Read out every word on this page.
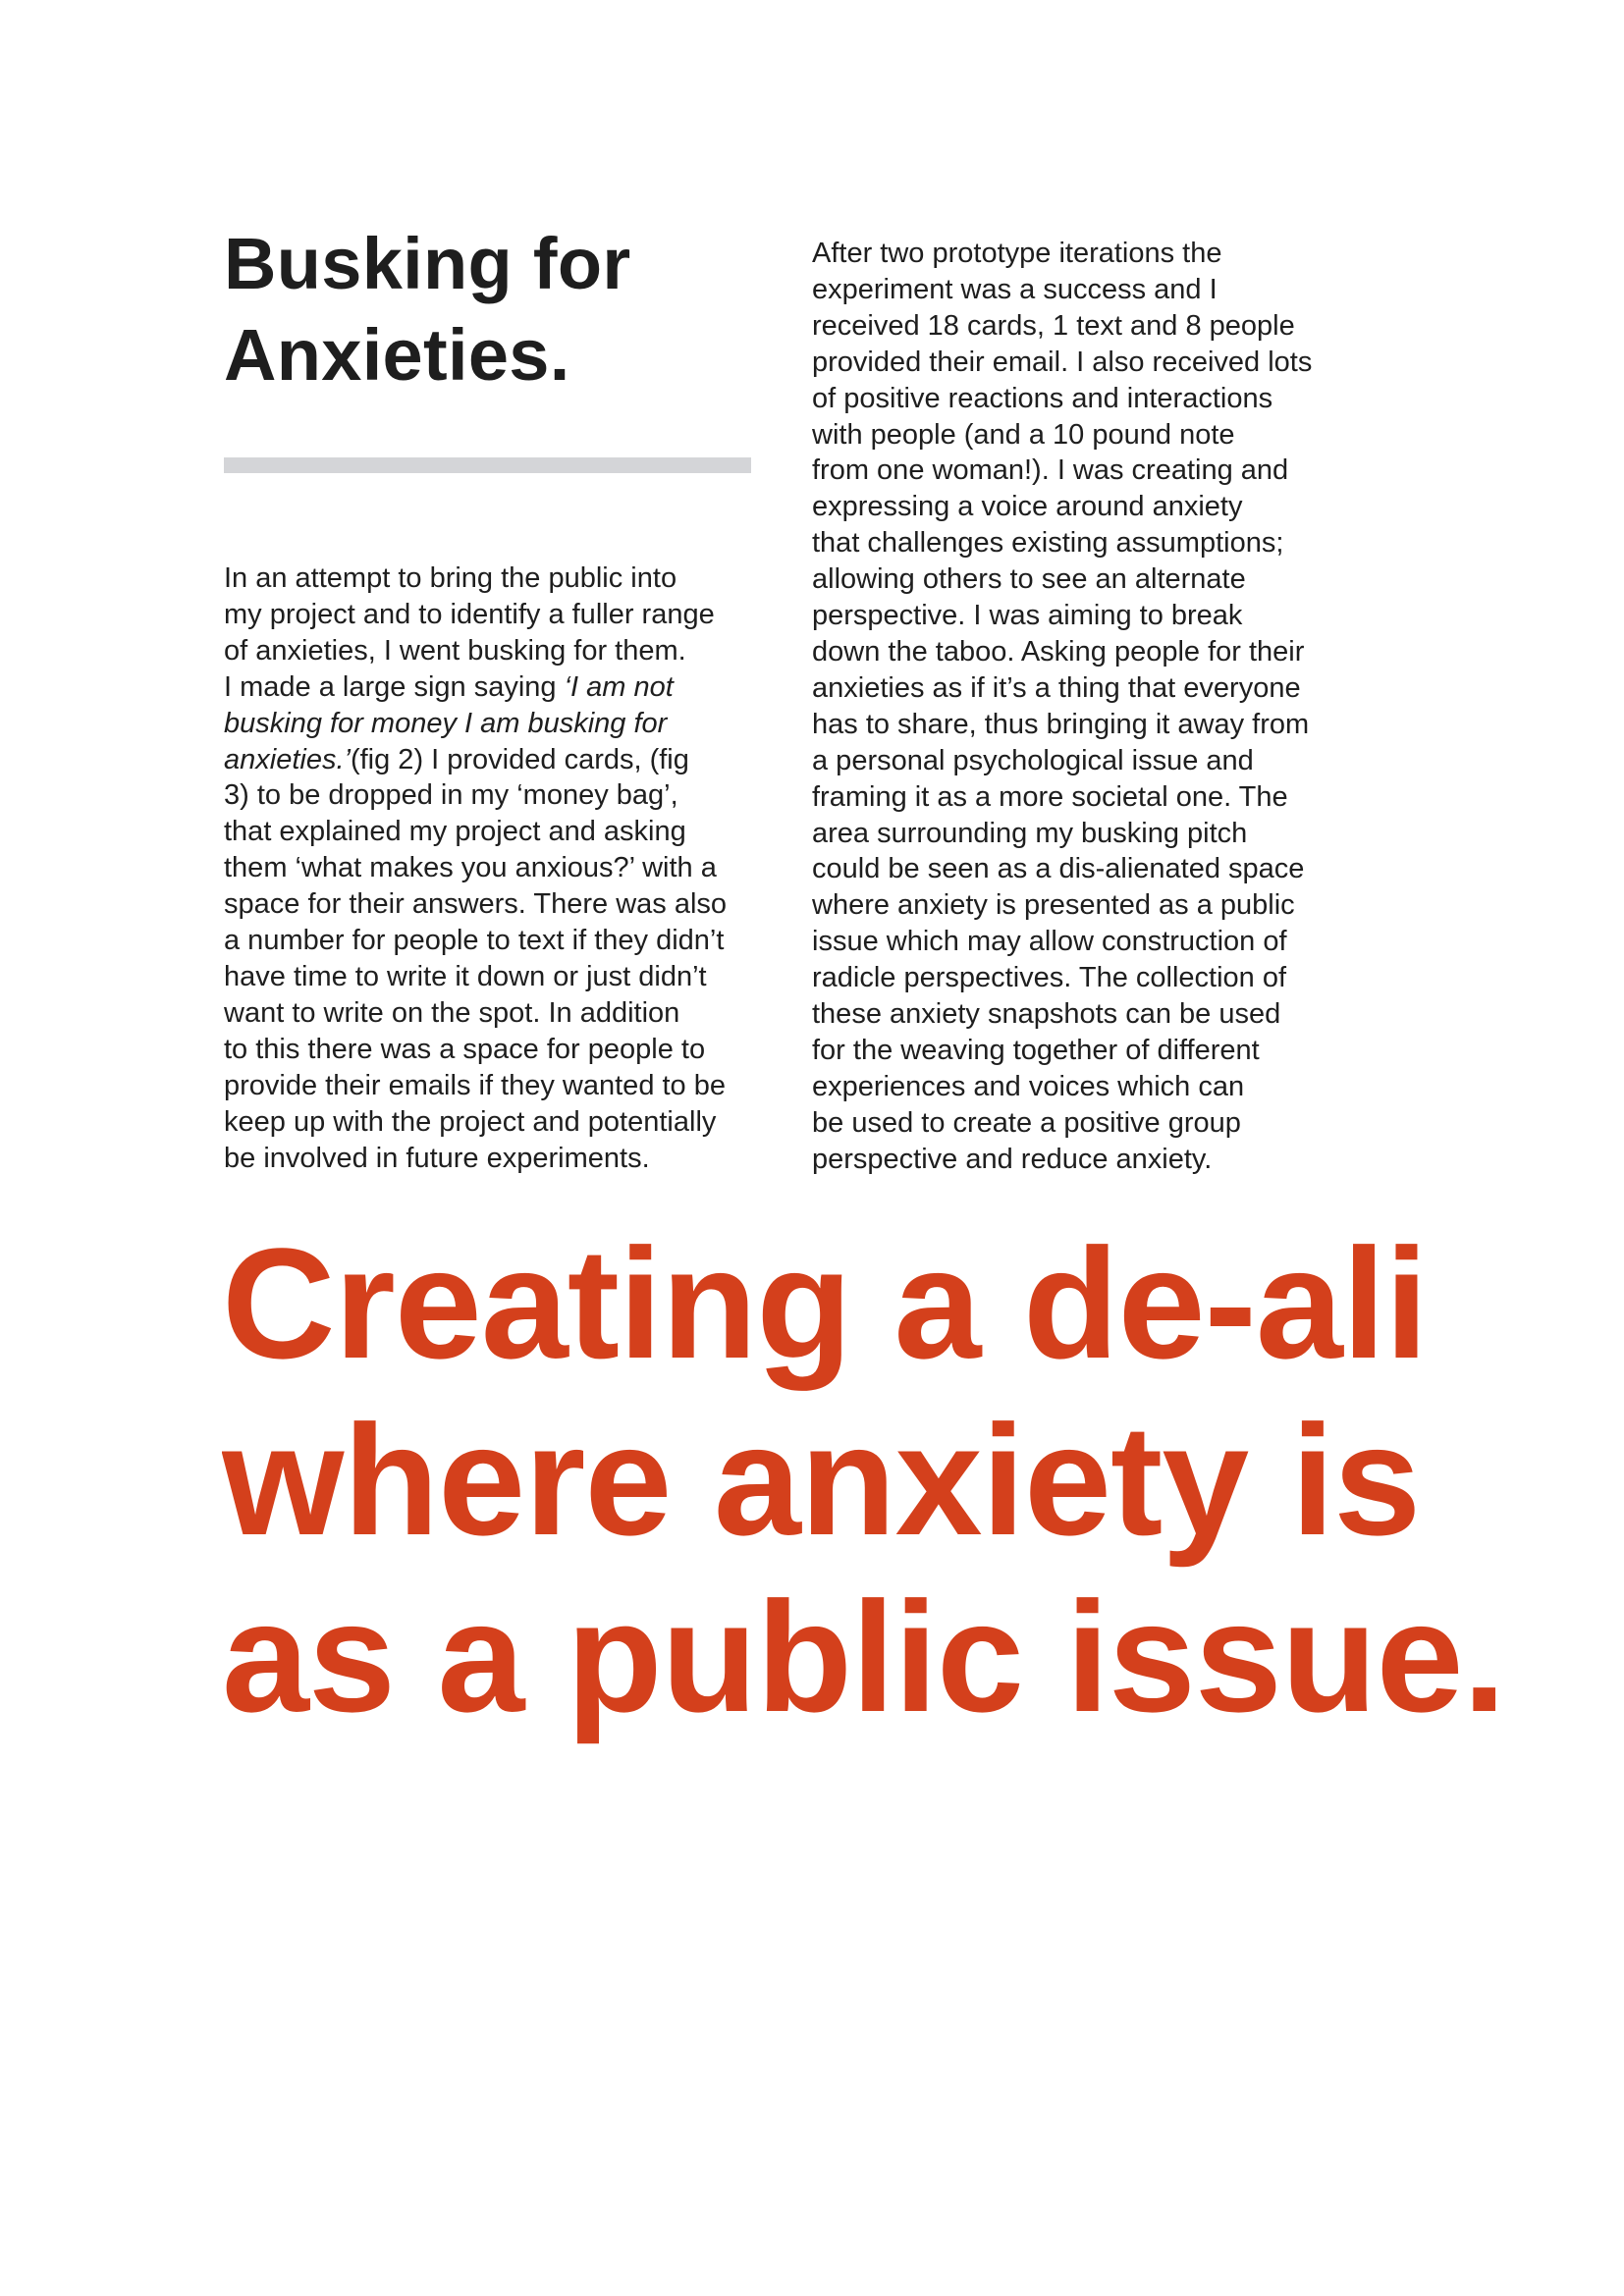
Busking for
Anxieties.

In an attempt to bring the public into
my project and to identify a fuller range
of anxieties, I went busking for them.
I made a large sign saying ‘I am not
busking for money I am busking for
anxieties.’(fig 2) I provided cards, (fig
3) to be dropped in my ‘money bag’,
that explained my project and asking
them ‘what makes you anxious?’ with a
space for their answers. There was also
a number for people to text if they didn’t
have time to write it down or just didn’t
want to write on the spot. In addition
to this there was a space for people to
provide their emails if they wanted to be
keep up with the project and potentially
be involved in future experiments.

After two prototype iterations the
experiment was a success and I
received 18 cards, 1 text and 8 people
provided their email. I also received lots
of positive reactions and interactions
with people (and a 10 pound note
from one woman!). I was creating and
expressing a voice around anxiety
that challenges existing assumptions;
allowing others to see an alternate
perspective. I was aiming to break
down the taboo. Asking people for their
anxieties as if it’s a thing that everyone
has to share, thus bringing it away from
a personal psychological issue and
framing it as a more societal one. The
area surrounding my busking pitch
could be seen as a dis-alienated space
where anxiety is presented as a public
issue which may allow construction of
radicle perspectives. The collection of
these anxiety snapshots can be used
for the weaving together of different
experiences and voices which can
be used to create a positive group
perspective and reduce anxiety.

Creating a de-ali
where anxiety is
as a public issue.
